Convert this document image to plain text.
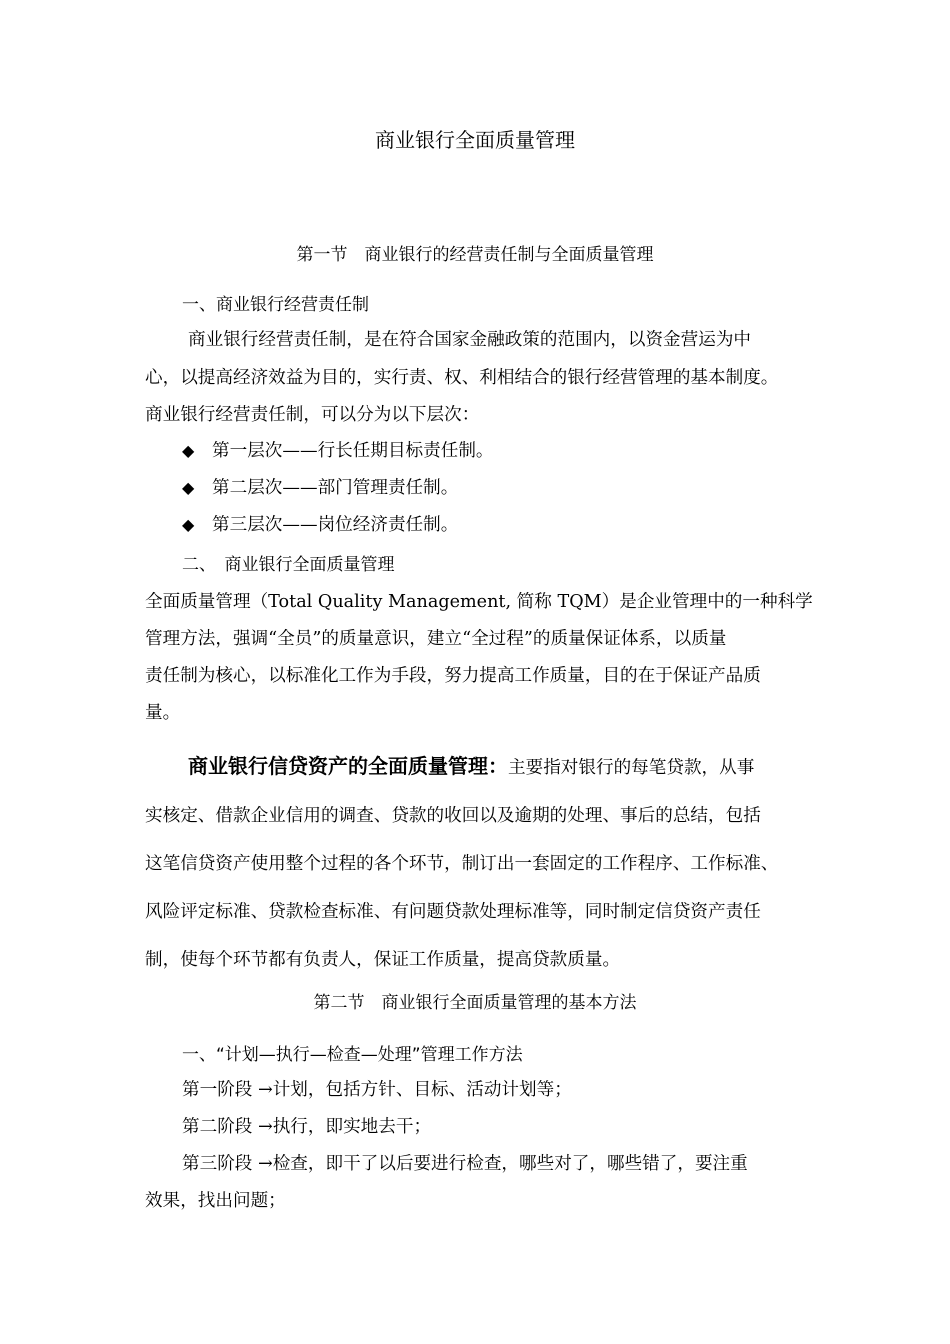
商业银行全面质量管理
第一节　商业银行的经营责任制与全面质量管理
一、商业银行经营责任制
商业银行经营责任制，是在符合国家金融政策的范围内，以资金营运为中
心，以提高经济效益为目的，实行责、权、利相结合的银行经营管理的基本制度。
商业银行经营责任制，可以分为以下层次：
◆ 第一层次——行长任期目标责任制。
◆ 第二层次——部门管理责任制。
◆ 第三层次——岗位经济责任制。
二、　商业银行全面质量管理
全面质量管理（Total Quality Management, 简称 TQM）是企业管理中的一种科学
管理方法，强调“全员”的质量意识，建立“全过程”的质量保证体系，以质量
责任制为核心，以标准化工作为手段，努力提高工作质量，目的在于保证产品质
量。
商业银行信贷资产的全面质量管理：主要指对银行的每笔贷款，从事
实核定、借款企业信用的调查、贷款的收回以及逾期的处理、事后的总结，包括
这笔信贷资产使用整个过程的各个环节，制订出一套固定的工作程序、工作标准、
风险评定标准、贷款检查标准、有问题贷款处理标准等，同时制定信贷资产责任
制，使每个环节都有负责人，保证工作质量，提高贷款质量。
第二节　商业银行全面质量管理的基本方法
一、“计划—执行—检查—处理”管理工作方法
第一阶段 →计划，包括方针、目标、活动计划等；
第二阶段 →执行，即实地去干；
第三阶段 →检查，即干了以后要进行检查，哪些对了，哪些错了，要注重
效果，找出问题；
